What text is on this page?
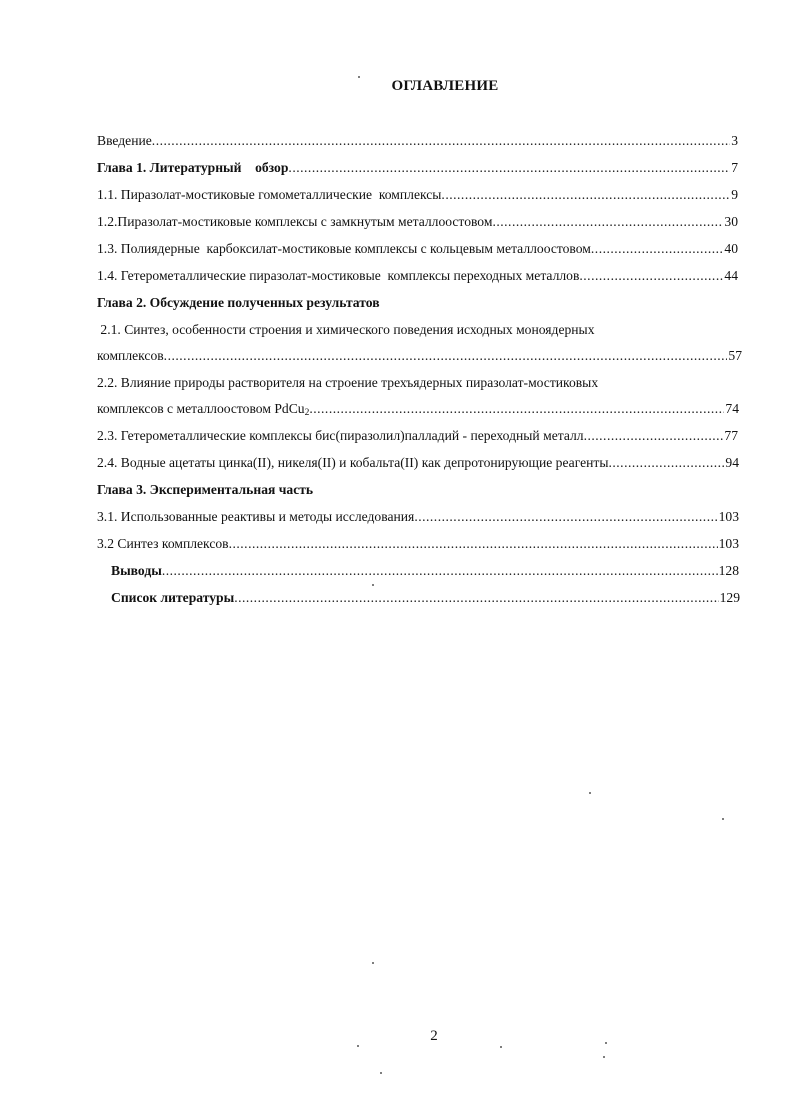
ОГЛАВЛЕНИЕ
Введение .....	3
Глава 1. Литературный    обзор .....	7
1.1. Пиразолат-мостиковые гомометаллические  комплексы .....	9
1.2.Пиразолат-мостиковые комплексы с замкнутым металлоостовом .....	30
1.3. Полиядерные  карбоксилат-мостиковые комплексы с кольцевым металлоостовом .....	40
1.4. Гетерометаллические пиразолат-мостиковые  комплексы переходных металлов .....	44
Глава 2. Обсуждение полученных результатов
2.1. Синтез, особенности строения и химического поведения исходных моноядерных
комплексов .....	57
2.2. Влияние природы растворителя на строение трехъядерных пиразолат-мостиковых
комплексов с металлоостовом PdCu$_2$ .....	74
2.3. Гетерометаллические комплексы бис(пиразолил)палладий - переходный металл .....	77
2.4. Водные ацетаты цинка(II), никеля(II) и кобальта(II) как депротонирующие реагенты .....	94
Глава 3. Экспериментальная часть
3.1. Использованные реактивы и методы исследования .....	103
3.2 Синтез комплексов .....	103
Выводы .....	128
Список литературы .....	129
2
